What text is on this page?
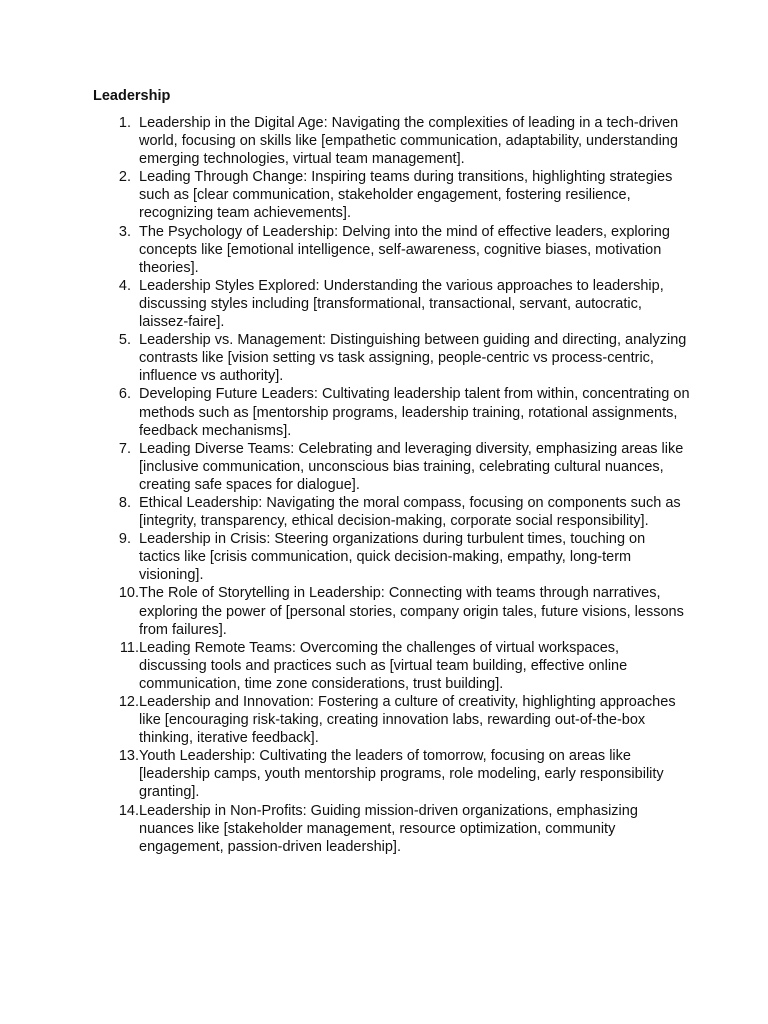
Leadership
1. Leadership in the Digital Age: Navigating the complexities of leading in a tech-driven world, focusing on skills like [empathetic communication, adaptability, understanding emerging technologies, virtual team management].
2. Leading Through Change: Inspiring teams during transitions, highlighting strategies such as [clear communication, stakeholder engagement, fostering resilience, recognizing team achievements].
3. The Psychology of Leadership: Delving into the mind of effective leaders, exploring concepts like [emotional intelligence, self-awareness, cognitive biases, motivation theories].
4. Leadership Styles Explored: Understanding the various approaches to leadership, discussing styles including [transformational, transactional, servant, autocratic, laissez-faire].
5. Leadership vs. Management: Distinguishing between guiding and directing, analyzing contrasts like [vision setting vs task assigning, people-centric vs process-centric, influence vs authority].
6. Developing Future Leaders: Cultivating leadership talent from within, concentrating on methods such as [mentorship programs, leadership training, rotational assignments, feedback mechanisms].
7. Leading Diverse Teams: Celebrating and leveraging diversity, emphasizing areas like [inclusive communication, unconscious bias training, celebrating cultural nuances, creating safe spaces for dialogue].
8. Ethical Leadership: Navigating the moral compass, focusing on components such as [integrity, transparency, ethical decision-making, corporate social responsibility].
9. Leadership in Crisis: Steering organizations during turbulent times, touching on tactics like [crisis communication, quick decision-making, empathy, long-term visioning].
10. The Role of Storytelling in Leadership: Connecting with teams through narratives, exploring the power of [personal stories, company origin tales, future visions, lessons from failures].
11. Leading Remote Teams: Overcoming the challenges of virtual workspaces, discussing tools and practices such as [virtual team building, effective online communication, time zone considerations, trust building].
12. Leadership and Innovation: Fostering a culture of creativity, highlighting approaches like [encouraging risk-taking, creating innovation labs, rewarding out-of-the-box thinking, iterative feedback].
13. Youth Leadership: Cultivating the leaders of tomorrow, focusing on areas like [leadership camps, youth mentorship programs, role modeling, early responsibility granting].
14. Leadership in Non-Profits: Guiding mission-driven organizations, emphasizing nuances like [stakeholder management, resource optimization, community engagement, passion-driven leadership].
